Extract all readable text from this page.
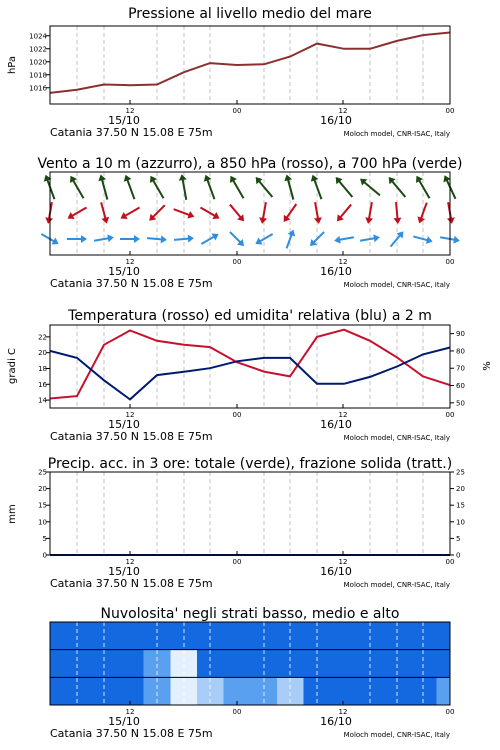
Pressione al livello medio del mare
1016
1018
1020
1022
1024
hPa
12	00	12	00
15/10	16/10
Catania 37.50 N 15.08 E 75m	Moloch model, CNR-ISAC, Italy
Vento a 10 m (azzurro), a 850 hPa (rosso), a 700 hPa (verde)
12	00	12	00
15/10	16/10
Catania 37.50 N 15.08 E 75m	Moloch model, CNR-ISAC, Italy
Temperatura (rosso) ed umidita' relativa (blu) a 2 m
14
16
18
20
22
50
60
70
80
90
gradi C	%
12	00	12	00
15/10	16/10
Catania 37.50 N 15.08 E 75m	Moloch model, CNR-ISAC, Italy
Precip. acc. in 3 ore: totale (verde), frazione solida (tratt.)
0
5
10
15
20
25
0
5
10
15
20
25
mm
12	00	12	00
15/10	16/10
Catania 37.50 N 15.08 E 75m	Moloch model, CNR-ISAC, Italy
Nuvolosita' negli strati basso, medio e alto
12	00	12	00
15/10	16/10
Catania 37.50 N 15.08 E 75m	Moloch model, CNR-ISAC, Italy
